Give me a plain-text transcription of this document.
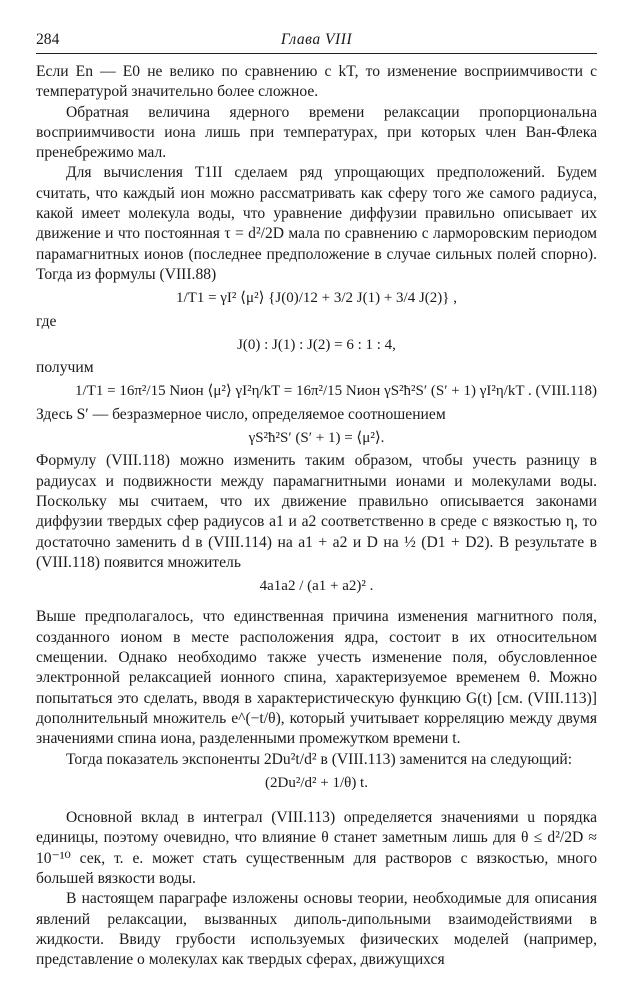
284	Глава VIII

Если En — E0 не велико по сравнению с kT, то изменение восприимчивости с температурой значительно более сложное.

Обратная величина ядерного времени релаксации пропорциональна восприимчивости иона лишь при температурах, при которых член Ван-Флека пренебрежимо мал.

Для вычисления T1II сделаем ряд упрощающих предположений. Будем считать, что каждый ион можно рассматривать как сферу того же самого радиуса, какой имеет молекула воды, что уравнение диффузии правильно описывает их движение и что постоянная τ = d²/2D мала по сравнению с ларморовским периодом парамагнитных ионов (последнее предположение в случае сильных полей спорно). Тогда из формулы (VIII.88)

1/T1 = γI² ⟨μ²⟩ {J(0)/12 + 3/2 J(1) + 3/4 J(2)} ,

где

J(0) : J(1) : J(2) = 6 : 1 : 4,

получим

1/T1 = 16π²/15 Nион ⟨μ²⟩ γI²η/kT = 16π²/15 Nион γS²ħ²S′ (S′ + 1) γI²η/kT . (VIII.118)

Здесь S′ — безразмерное число, определяемое соотношением

γS²ħ²S′ (S′ + 1) = ⟨μ²⟩.

Формулу (VIII.118) можно изменить таким образом, чтобы учесть разницу в радиусах и подвижности между парамагнитными ионами и молекулами воды. Поскольку мы считаем, что их движение правильно описывается законами диффузии твердых сфер радиусов a1 и a2 соответственно в среде с вязкостью η, то достаточно заменить d в (VIII.114) на a1 + a2 и D на ½ (D1 + D2). В результате в (VIII.118) появится множитель

4a1a2 / (a1 + a2)² .

Выше предполагалось, что единственная причина изменения магнитного поля, созданного ионом в месте расположения ядра, состоит в их относительном смещении. Однако необходимо также учесть изменение поля, обусловленное электронной релаксацией ионного спина, характеризуемое временем θ. Можно попытаться это сделать, вводя в характеристическую функцию G(t) [см. (VIII.113)] дополнительный множитель e^(−t/θ), который учитывает корреляцию между двумя значениями спина иона, разделенными промежутком времени t.

Тогда показатель экспоненты 2Du²t/d² в (VIII.113) заменится на следующий:

(2Du²/d² + 1/θ) t.

Основной вклад в интеграл (VIII.113) определяется значениями u порядка единицы, поэтому очевидно, что влияние θ станет заметным лишь для θ ≤ d²/2D ≈ 10⁻¹⁰ сек, т. е. может стать существенным для растворов с вязкостью, много большей вязкости воды.

В настоящем параграфе изложены основы теории, необходимые для описания явлений релаксации, вызванных диполь-дипольными взаимодействиями в жидкости. Ввиду грубости используемых физических моделей (например, представление о молекулах как твердых сферах, движущихся
